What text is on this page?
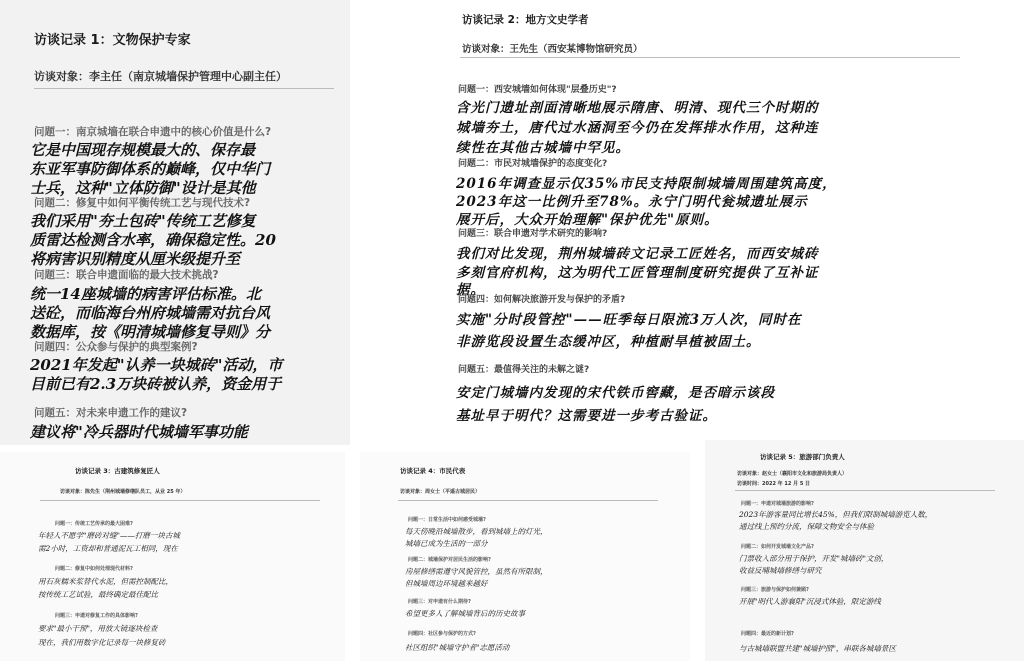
访谈记录 1：文物保护专家
访谈对象：李主任（南京城墙保护管理中心副主任）
问题一：南京城墙在联合申遗中的核心价值是什么?
它是中国现存规模最大的、保存最
东亚军事防御体系的巅峰，仅中华门
士兵，这种"立体防御"设计是其他
问题二：修复中如何平衡传统工艺与现代技术?
我们采用"夯土包砖"传统工艺修复
质雷达检测含水率，确保稳定性。20
将病害识别精度从厘米级提升至
问题三：联合申遗面临的最大技术挑战?
统一14座城墙的病害评估标准。北
送砼，而临海台州府城墙需对抗台风
数据库，按《明清城墙修复导则》分
问题四：公众参与保护的典型案例?
2021年发起"认养一块城砖"活动，市
目前已有2.3万块砖被认养，资金用于
问题五：对未来申遗工作的建议?
建议将"冷兵器时代城墙军事功能
访谈记录 2：地方文史学者
访谈对象：王先生（西安某博物馆研究员）
问题一：西安城墙如何体现"层叠历史"?
含光门遗址剖面清晰地展示隋唐、明清、现代三个时期的
城墙夯土，唐代过水涵洞至今仍在发挥排水作用，这种连
续性在其他古城墙中罕见。
问题二：市民对城墙保护的态度变化?
2016年调查显示仅35%市民支持限制城墙周围建筑高度，
2023年这一比例升至78%。永宁门明代瓮城遗址展示
展开后，大众开始理解"保护优先"原则。
问题三：联合申遗对学术研究的影响?
我们对比发现，荆州城墙砖文记录工匠姓名，而西安城砖
多刻官府机构，这为明代工匠管理制度研究提供了互补证
据。
问题四：如何解决旅游开发与保护的矛盾?
实施"分时段管控"——旺季每日限流3万人次，同时在
非游览段设置生态缓冲区，种植耐旱植被固土。
问题五：最值得关注的未解之谜?
安定门城墙内发现的宋代铁币窖藏，是否暗示该段
基址早于明代？这需要进一步考古验证。
访谈记录 3：古建筑修复匠人
访谈对象：陈先生（荆州城墙修缮队员工，从业 25 年）
问题一：传统工艺传承的最大困难?
年轻人不愿学"磨砖对缝"——打磨一块古城
需2小时，工资却和普通泥瓦工相同，现在
问题二：修复中如何处理现代材料?
用石灰糯米浆替代水泥，但需控制配比，
按传统工艺试验，最终确定最佳配比
问题三：申遗对修复工作的具体影响?
要求"最小干预"，用放大镜逐块检查
现在，我们用数字化记录每一块修复砖
访谈记录 4：市民代表
访谈对象：周女士（平遥古城居民）
问题一：日常生活中如何感受城墙?
每天傍晚沿城墙散步，看到城墙上的灯光，
城墙已成为生活的一部分
问题二：城墙保护对居民生活的影响?
房屋修缮需遵守风貌管控，虽然有所限制，
但城墙周边环境越来越好
问题三：对申遗有什么期待?
希望更多人了解城墙背后的历史故事
问题四：社区参与保护的方式?
社区组织"城墙守护者"志愿活动
访谈记录 5：旅游部门负责人
访谈对象：赵女士（襄阳市文化和旅游局负责人）
访谈时间：2022 年 12 月 5 日
问题一：申遗对城墙旅游的影响?
2023年游客量同比增长45%，但我们限制城墙游览人数，
通过线上预约分流，保障文物安全与体验
问题二：如何开发城墙文化产品?
门票收入部分用于保护，开发"城墙砖"文创，
收益反哺城墙修缮与研究
问题三：旅游与保护如何兼顾?
开展"明代人游襄阳"沉浸式体验，限定游线
问题四：最近的新计划?
与古城墙联盟共建"城墙护照"，串联各城墙景区
